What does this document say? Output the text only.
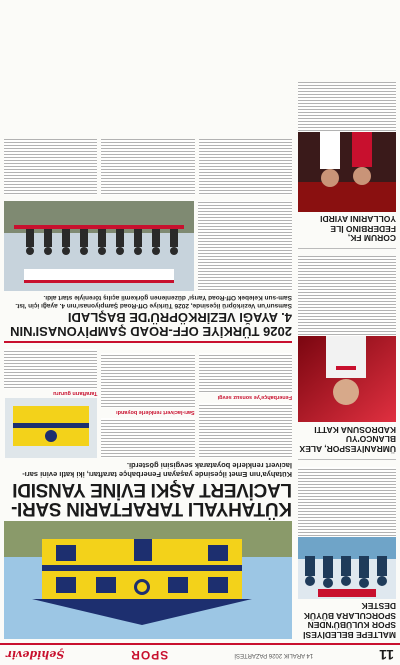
11
14 ARALIK 2026 PAZARTESİ
SPOR
Şehidevir
MALTEPE BELEDİYESİ SPOR KULÜBÜ'NDEN SPORCULARA BÜYÜK DESTEK
ÜMRANİYESPOR, ALEX BLANCO'YU KADROSUNA KATTI
CORUM FK, FEDERBINO İLE YOLLARINI AYIRDI
KÜTAHYALI TARAFTARIN SARI-LACİVERT AŞKI EVİNE YANSIDI
Kütahya'nın Emet ilçesinde yaşayan Fenerbahçe taraftarı, iki katlı evini sarı-lacivert renklerle boyatarak sevgisini gösterdi.
Fenerbahçe'ye sonsuz sevgi
Sarı-lacivert renklerle boyandı
Taraftarın gururu
2026 TÜRKİYE OFF-ROAD ŞAMPİYONASI'NIN 4. AYAĞI VEZİRKÖPRÜ'DE BAŞLADI
Samsun'un Vezirköprü ilçesinde, 2026 Türkiye Off-Road Şampiyonası'nın 4. ayağı için 'Ist. Sam-sun Kelebek Off-Road Yarışı' düzenlenen görkemli açılış töreniyle start aldı.
